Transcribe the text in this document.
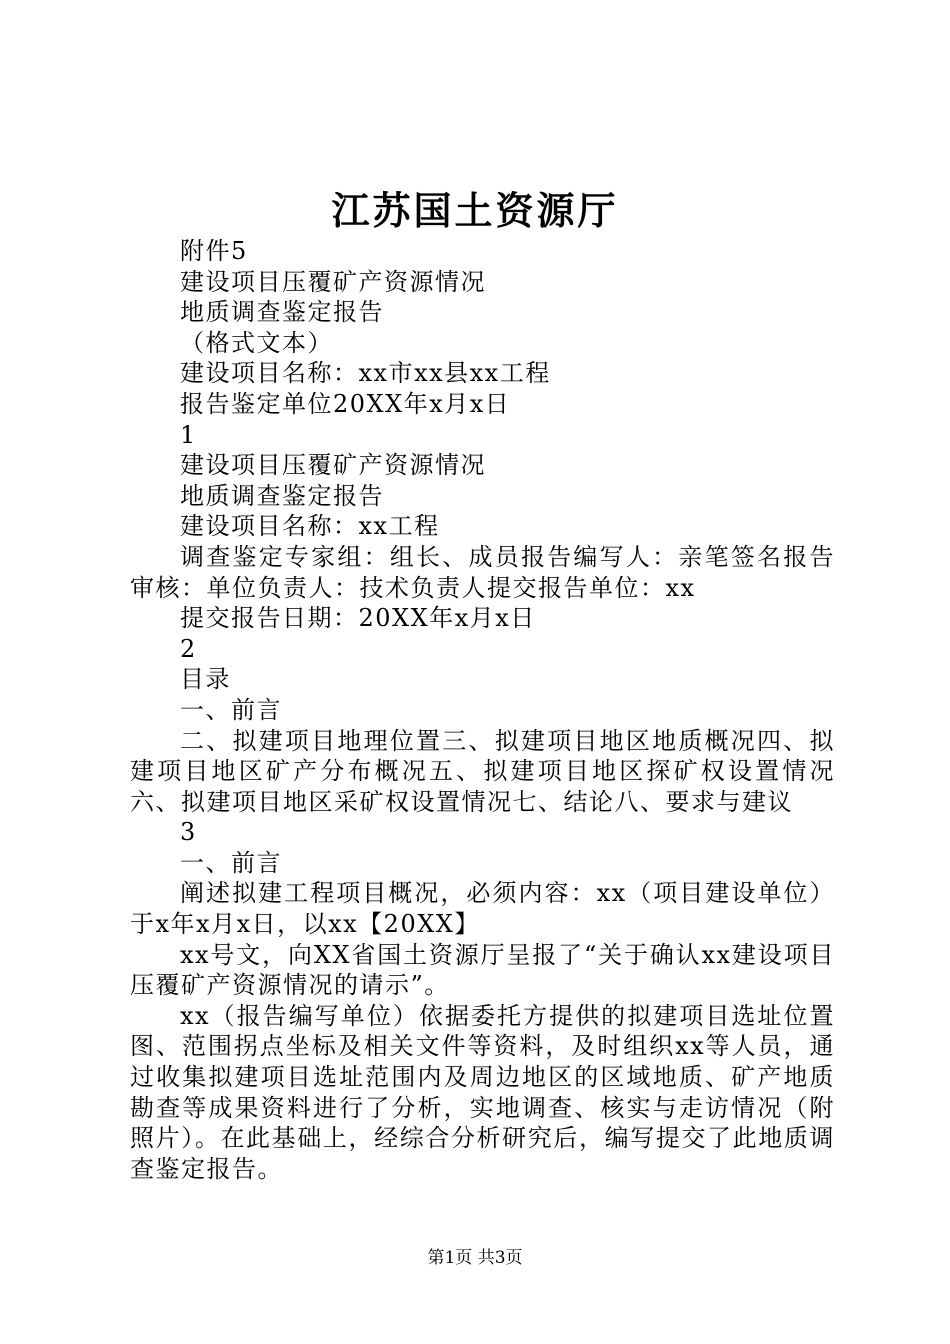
江苏国土资源厅

附件5

建设项目压覆矿产资源情况

地质调查鉴定报告

（格式文本）

建设项目名称：xx市xx县xx工程

报告鉴定单位20XX年x月x日

1

建设项目压覆矿产资源情况

地质调查鉴定报告

建设项目名称：xx工程

调查鉴定专家组：组长、成员报告编写人：亲笔签名报告审核：单位负责人：技术负责人提交报告单位：xx

提交报告日期：20XX年x月x日

2

目录

一、前言

二、拟建项目地理位置三、拟建项目地区地质概况四、拟建项目地区矿产分布概况五、拟建项目地区探矿权设置情况六、拟建项目地区采矿权设置情况七、结论八、要求与建议

3

一、前言

阐述拟建工程项目概况，必须内容：xx（项目建设单位）于x年x月x日，以xx【20XX】

xx号文，向XX省国土资源厅呈报了“关于确认xx建设项目压覆矿产资源情况的请示”。

xx（报告编写单位）依据委托方提供的拟建项目选址位置图、范围拐点坐标及相关文件等资料，及时组织xx等人员，通过收集拟建项目选址范围内及周边地区的区域地质、矿产地质勘查等成果资料进行了分析，实地调查、核实与走访情况（附照片）。在此基础上，经综合分析研究后，编写提交了此地质调查鉴定报告。

第1页 共3页
